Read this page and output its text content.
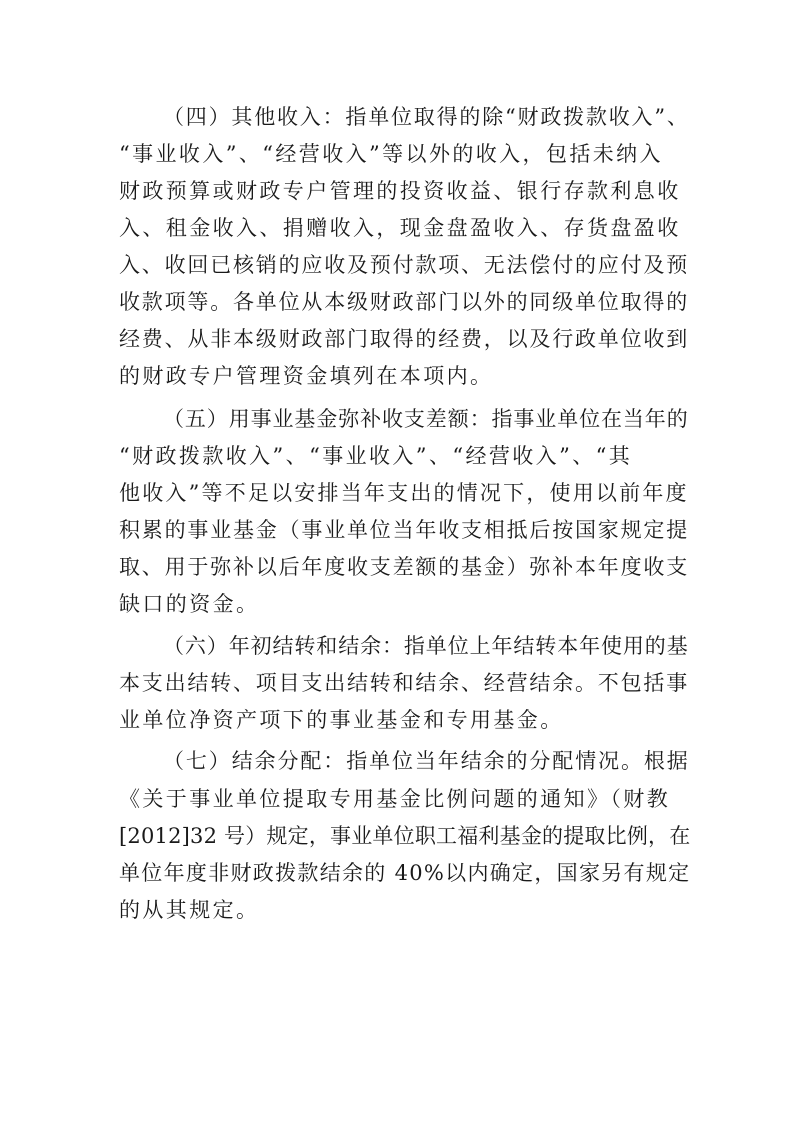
（四）其他收入：指单位取得的除“财政拨款收入”、
“事业收入”、“经营收入”等以外的收入，包括未纳入
财政预算或财政专户管理的投资收益、银行存款利息收
入、租金收入、捐赠收入，现金盘盈收入、存货盘盈收
入、收回已核销的应收及预付款项、无法偿付的应付及预
收款项等。各单位从本级财政部门以外的同级单位取得的
经费、从非本级财政部门取得的经费，以及行政单位收到
的财政专户管理资金填列在本项内。
（五）用事业基金弥补收支差额：指事业单位在当年的
“财政拨款收入”、“事业收入”、“经营收入”、“其
他收入”等不足以安排当年支出的情况下，使用以前年度
积累的事业基金（事业单位当年收支相抵后按国家规定提
取、用于弥补以后年度收支差额的基金）弥补本年度收支
缺口的资金。
（六）年初结转和结余：指单位上年结转本年使用的基
本支出结转、项目支出结转和结余、经营结余。不包括事
业单位净资产项下的事业基金和专用基金。
（七）结余分配：指单位当年结余的分配情况。根据
《关于事业单位提取专用基金比例问题的通知》（财教
[2012]32 号）规定，事业单位职工福利基金的提取比例，在
单位年度非财政拨款结余的 40%以内确定，国家另有规定
的从其规定。
